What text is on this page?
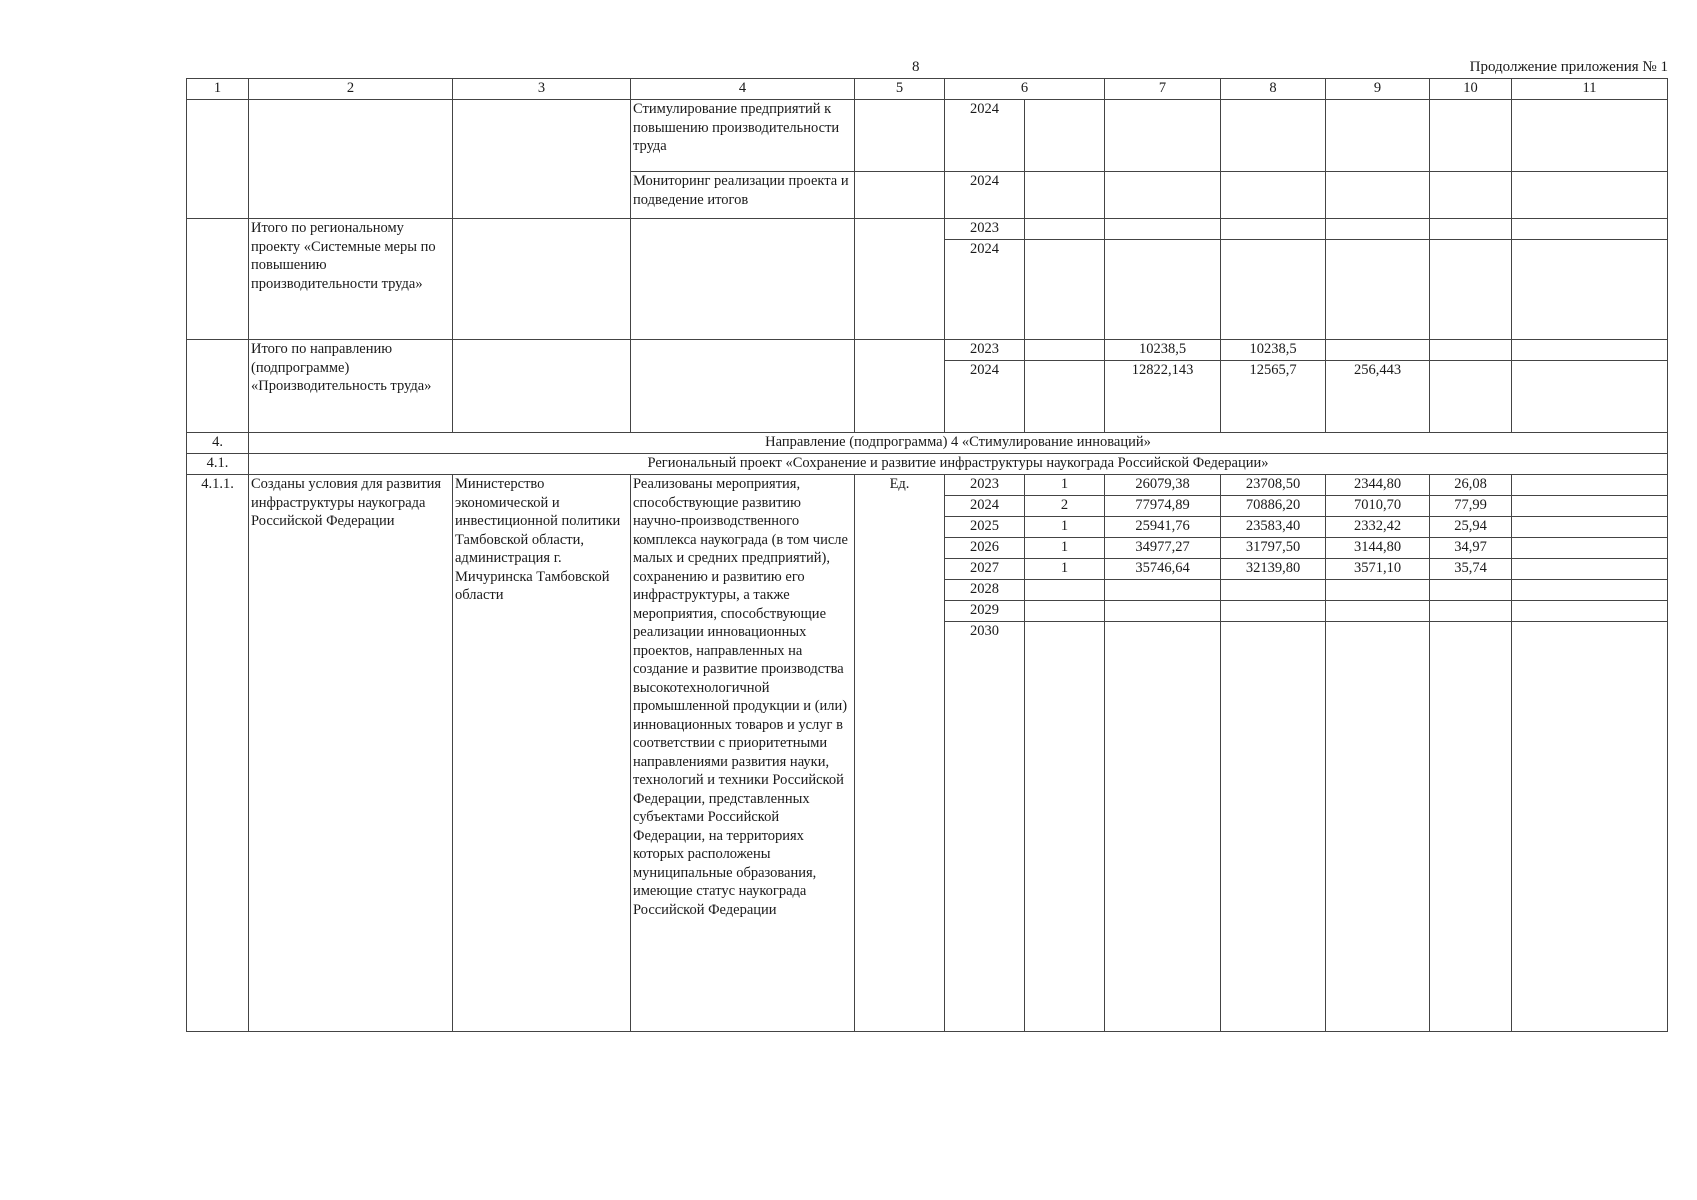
8	Продолжение приложения № 1
1	2	3	4	5	6		7	8	9	10	11
			Стимулирование предприятий к повышению производительности труда		2024						
			Мониторинг реализации проекта и подведение итогов		2024						
	Итого по региональному проекту «Системные меры по повышению производительности труда»				2023						
					2024						
	Итого по направлению (подпрограмме) «Производительность труда»				2023		10238,5	10238,5			
					2024		12822,143	12565,7	256,443		
4.	Направление (подпрограмма) 4 «Стимулирование инноваций»										
4.1.	Региональный проект «Сохранение и развитие инфраструктуры наукограда Российской Федерации»										
4.1.1.	Созданы условия для развития инфраструктуры наукограда Российской Федерации	Министерство экономической и инвестиционной политики Тамбовской области, администрация г. Мичуринска Тамбовской области	Реализованы мероприятия, способствующие развитию научно-производственного комплекса наукограда (в том числе малых и средних предприятий), сохранению и развитию его инфраструктуры, а также мероприятия, способствующие реализации инновационных проектов, направленных на создание и развитие производства высокотехнологичной промышленной продукции и (или) инновационных товаров и услуг в соответствии с приоритетными направлениями развития науки, технологий и техники Российской Федерации, представленных субъектами Российской Федерации, на территориях которых расположены муниципальные образования, имеющие статус наукограда Российской Федерации	Ед.	2023	1	26079,38	23708,50	2344,80	26,08	
					2024	2	77974,89	70886,20	7010,70	77,99	
					2025	1	25941,76	23583,40	2332,42	25,94	
					2026	1	34977,27	31797,50	3144,80	34,97	
					2027	1	35746,64	32139,80	3571,10	35,74	
					2028						
					2029						
					2030						
